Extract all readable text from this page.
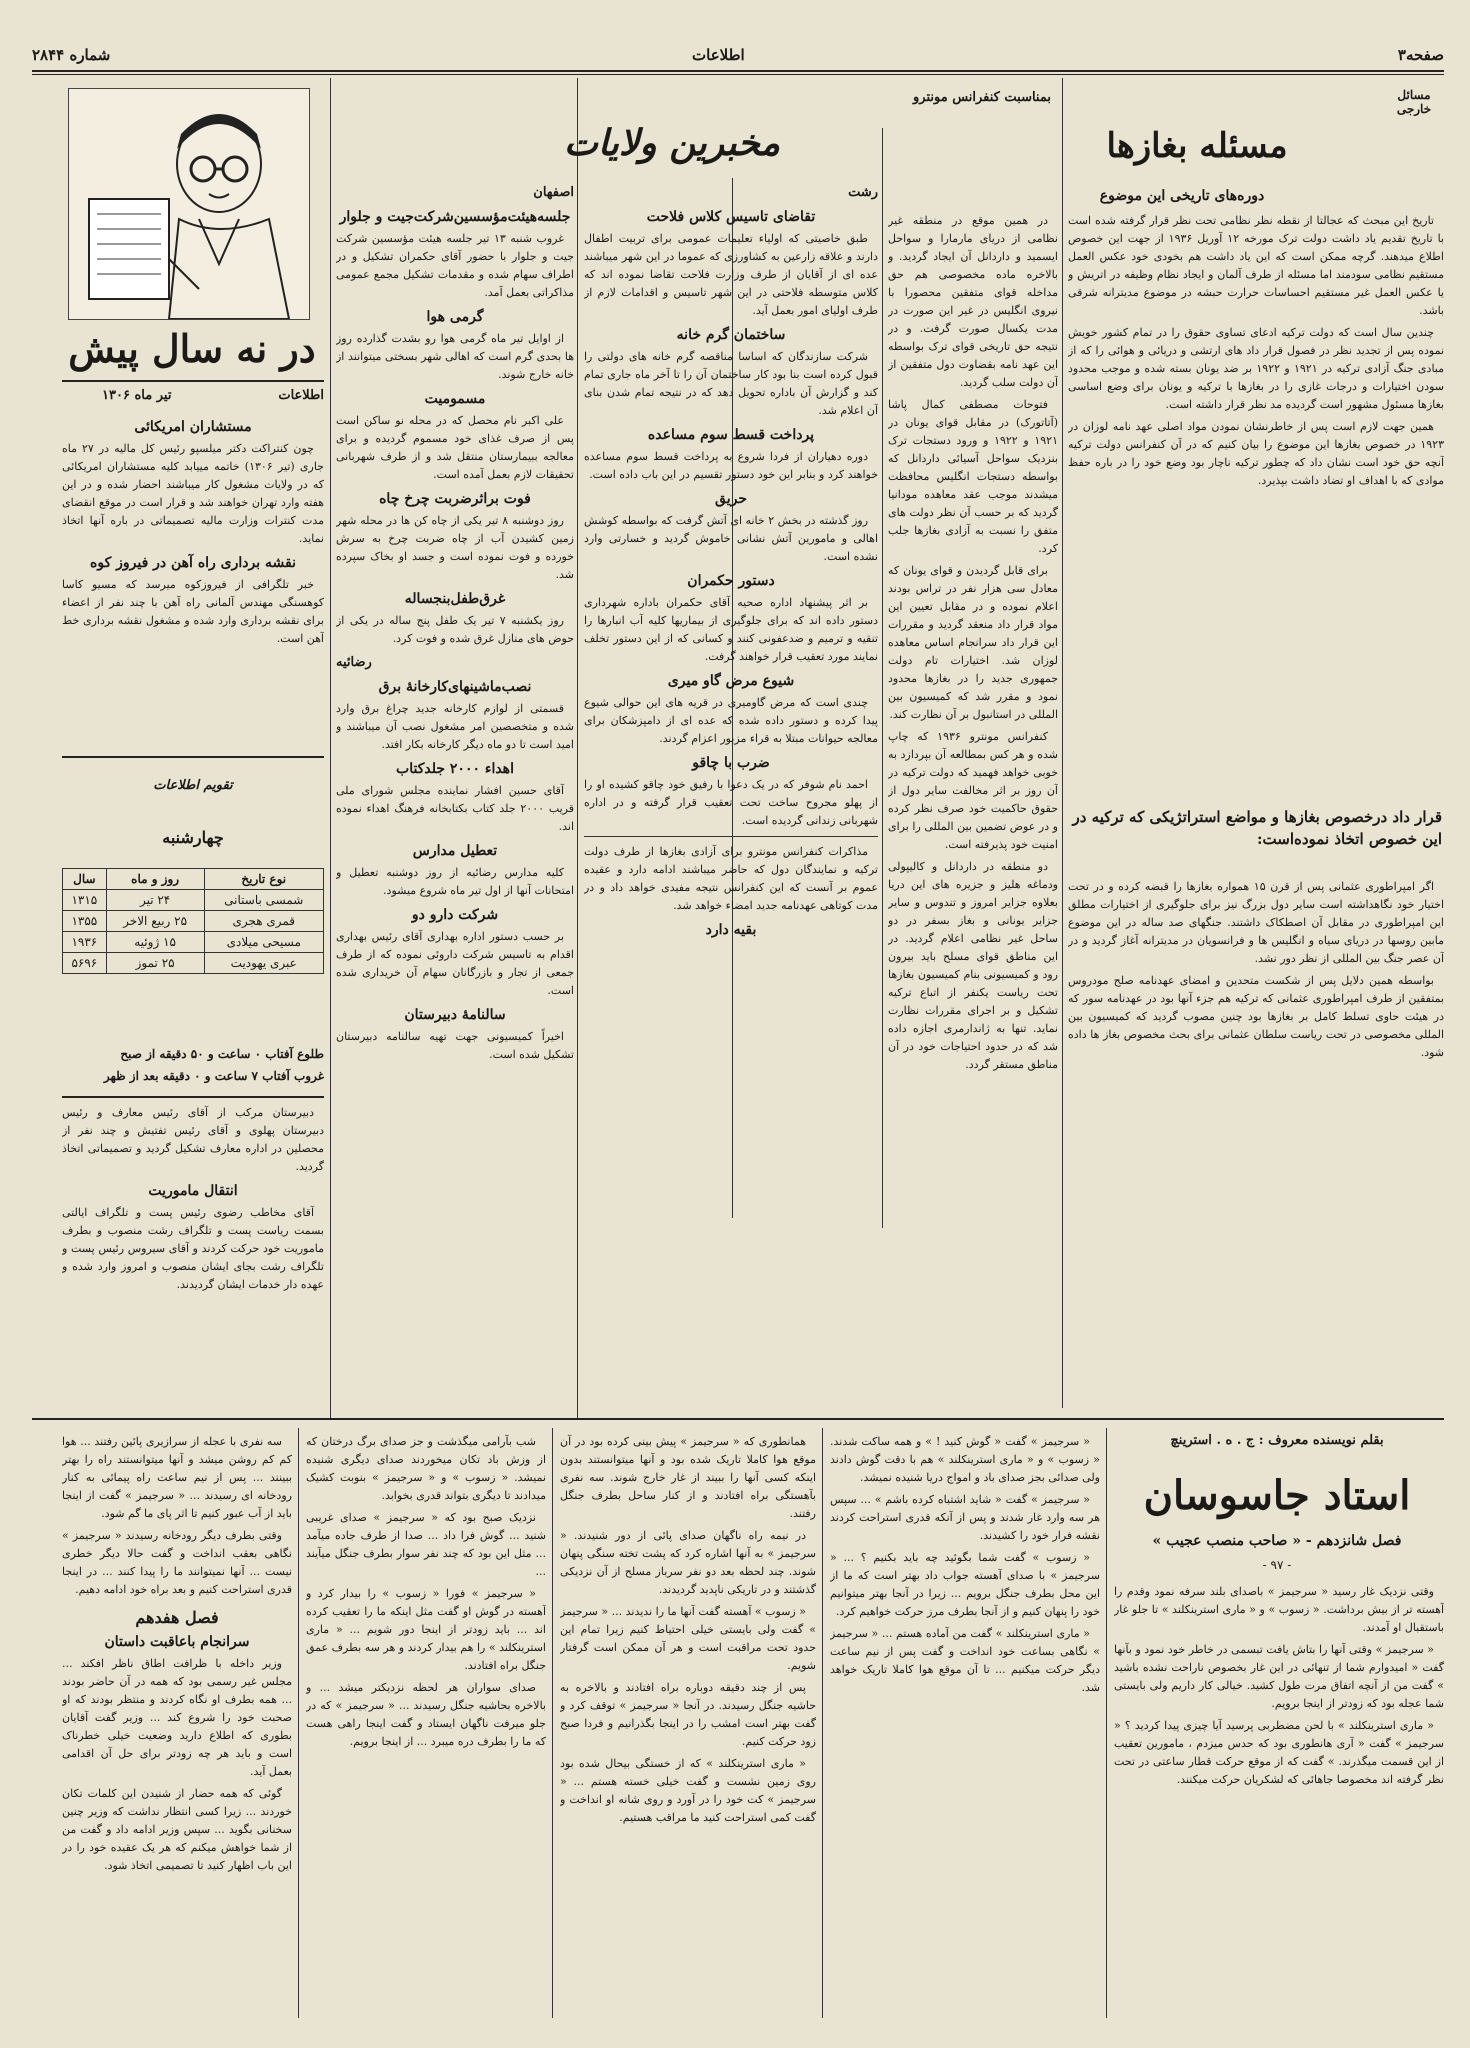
شماره ۲۸۴۴	اطلاعات	صفحه۳
مسائل خارجی
مسئله بغازها
بمناسبت کنفرانس مونترو
دوره‌های تاریخی این موضوع

تاریخ این مبحث که عجالتا از نقطه نظر نظامی تحت نظر قرار گرفته شده است با تاریخ تقدیم یاد داشت دولت ترک مورخه ۱۲ آوریل ۱۹۳۶ از جهت این خصوص اطلاع میدهند. گرچه ممکن است که این یاد داشت هم بخودی خود عکس العمل مستقیم نظامی سودمند اما مسئله از طرف آلمان و ایجاد نظام وظیفه در اتریش و یا عکس العمل غیر مستقیم احساسات حرارت حبشه در موضوع مدیترانه شرقی باشد.

چندین سال است که دولت ترکیه ادعای تساوی حقوق را در تمام کشور خویش نموده پس از تجدید نظر در فصول قرار داد های ارتشی و دریائی و هوائی را که از مبادی جنگ آزادی ترکیه در ۱۹۲۱ و ۱۹۲۲ بر ضد یونان بسته شده و موجب محدود سودن اختیارات و درجات غازی را در بغازها با ترکیه و یونان برای وضع اساسی بغازها مسئول مشهور است گردیده مد نظر قرار داشته است.

همین جهت لازم است پس از خاطرنشان نمودن مواد اصلی عهد نامه لوزان در ۱۹۲۳ در خصوص بغازها این موضوع را بیان کنیم که در آن کنفرانس دولت ترکیه آنچه حق خود است نشان داد که چطور ترکیه ناچار بود وضع خود را در باره حفظ موادی که با اهداف او تضاد داشت بپذیرد.

قرار داد درخصوص بغازها و مواضع استراتژیکی که ترکیه در این خصوص اتخاذ نموده‌است:

اگر امپراطوری عثمانی پس از قرن ۱۵ همواره بغازها را قبضه کرده و در تحت اختیار خود نگاهداشته است سایر دول بزرگ نیز برای جلوگیری از اختیارات مطلق این امپراطوری در مقابل آن اصطکاک داشتند. جنگهای صد ساله در این موضوع مابین روسها در دریای سیاه و انگلیس ها و فرانسویان در مدیترانه آغاز گردید و در آن عصر جنگ بین المللی از نظر دور نشد.

بواسطه همین دلایل پس از شکست متحدین و امضای عهدنامه صلح مودروس بمتفقین از طرف امپراطوری عثمانی که ترکیه هم جزء آنها بود در عهدنامه سور که در هیئت حاوی تسلط کامل بر بغازها بود چنین مصوب گردید که کمیسیون بین المللی مخصوصی در تحت ریاست سلطان عثمانی برای بحث مخصوص بغاز ها داده شود.

در همین موقع در منطقه غیر نظامی از دریای مارمارا و سواحل ایسمید و داردانل آن ایجاد گردید. و بالاخره ماده مخصوصی هم حق مداخله قوای متفقین محصورا با نیروی انگلیس در غیر این صورت در مدت یکسال صورت گرفت. و در نتیجه حق تاریخی قوای ترک بواسطه این عهد نامه بقضاوت دول متفقین از آن دولت سلب گردید.

فتوحات مصطفی کمال پاشا (آتاتورک) در مقابل قوای یونان در ۱۹۲۱ و ۱۹۲۲ و ورود دستجات ترک بنزدیک سواحل آسیائی داردانل که بواسطه دستجات انگلیس محافظت میشدند موجب عقد معاهده مودانیا گردید که بر حسب آن نظر دولت های متفق را نسبت به آزادی بغازها جلب کرد.

برای قابل گردیدن و قوای یونان که معادل سی هزار نفر در تراس بودند اعلام نموده و در مقابل تعیین این مواد قرار داد منعقد گردید و مقررات این قرار داد سرانجام اساس معاهده لوزان شد. اختیارات تام دولت جمهوری جدید را در بغازها محدود نمود و مقرر شد که کمیسیون بین المللی در استانبول بر آن نظارت کند.

کنفرانس مونترو ۱۹۳۶ که چاپ شده و هر کس بمطالعه آن بپردازد به خوبی خواهد فهمید که دولت ترکیه در آن روز بر اثر مخالفت سایر دول از حقوق حاکمیت خود صرف نظر کرده و در عوض تضمین بین المللی را برای امنیت خود پذیرفته است.

دو منطقه در داردانل و کالیپولی ودماغه هلیز و جزیره های این دریا بعلاوه جزایر امروز و تندوس و سایر جزایر یونانی و بغاز بسفر در دو ساحل غیر نظامی اعلام گردید. در این مناطق قوای مسلح باید بیرون رود و کمیسیونی بنام کمیسیون بغازها تحت ریاست یکنفر از اتباع ترکیه تشکیل و بر اجرای مقررات نظارت نماید. تنها به ژاندارمری اجازه داده شد که در حدود احتیاجات خود در آن مناطق مستقر گردد.

مخبرین ولایات
رشت
تقاضای تاسیس کلاس فلاحت

طبق خاصیتی که اولیاء تعلیمات عمومی برای تربیت اطفال دارند و علاقه زارعین به کشاورزی که عموما در این شهر میباشند عده ای از آقایان از طرف وزارت فلاحت تقاضا نموده اند که کلاس متوسطه فلاحتی در این شهر تاسیس و اقدامات لازم از طرف اولیای امور بعمل آید.

ساختمان گرم خانه

شرکت سازندگان که اساسا مناقصه گرم خانه های دولتی را قبول کرده است بنا بود کار ساختمان آن را تا آخر ماه جاری تمام کند و گزارش آن باداره تحویل دهد که در نتیجه تمام شدن بنای آن اعلام شد.

پرداخت قسط سوم مساعده

دوره دهیاران از فردا شروع به پرداخت قسط سوم مساعده خواهند کرد و بنابر این خود دستور تقسیم در این باب داده است.

حریق

روز گذشته در بخش ۲ خانه ای آتش گرفت که بواسطه کوشش اهالی و مامورین آتش نشانی خاموش گردید و خسارتی وارد نشده است.

دستور حکمران

بر اثر پیشنهاد اداره صحیه آقای حکمران باداره شهرداری دستور داده اند که برای جلوگیری از بیماریها کلیه آب انبارها را تنقیه و ترمیم و ضدعفونی کنند و کسانی که از این دستور تخلف نمایند مورد تعقیب قرار خواهند گرفت.

شیوع مرض گاو میری

چندی است که مرض گاومیری در قریه های این حوالی شیوع پیدا کرده و دستور داده شده که عده ای از دامپزشکان برای معالجه حیوانات مبتلا به قراء مزبور اعزام گردند.

ضرب با چاقو

احمد نام شوفر که در یک دعوا با رفیق خود چاقو کشیده او را از پهلو مجروح ساخت تحت تعقیب قرار گرفته و در اداره شهربانی زندانی گردیده است.

مذاکرات کنفرانس مونترو برای آزادی بغازها از طرف دولت ترکیه و نمایندگان دول که حاضر میباشند ادامه دارد و عقیده عموم بر آنست که این کنفرانس نتیجه مفیدی خواهد داد و در مدت کوتاهی عهدنامه جدید امضاء خواهد شد.

بقیه دارد
اصفهان
جلسه‌هیئت‌مؤسسین‌شرکت‌جیت و جلوار

غروب شنبه ۱۳ تیر جلسه هیئت مؤسسین شرکت جیت و جلوار با حضور آقای حکمران تشکیل و در اطراف سهام شده و مقدمات تشکیل مجمع عمومی مذاکراتی بعمل آمد.

گرمی هوا

از اوایل تیر ماه گرمی هوا رو بشدت گذارده روز ها بحدی گرم است که اهالی شهر بسختی میتوانند از خانه خارج شوند.

مسمومیت

علی اکبر نام محصل که در محله نو ساکن است پس از صرف غذای خود مسموم گردیده و برای معالجه ببیمارستان منتقل شد و از طرف شهربانی تحقیقات لازم بعمل آمده است.

فوت براثرضربت چرخ چاه

روز دوشنبه ۸ تیر یکی از چاه کن ها در محله شهر زمین کشیدن آب از چاه ضربت چرخ به سرش خورده و فوت نموده است و جسد او بخاک سپرده شد.

غرق‌طفل‌بنجساله

روز یکشنبه ۷ تیر یک طفل پنج ساله در یکی از حوض های منازل غرق شده و فوت کرد.

رضائیه
نصب‌ماشینهای‌کارخانهٔ برق

قسمتی از لوازم کارخانه جدید چراغ برق وارد شده و متخصصین امر مشغول نصب آن میباشند و امید است تا دو ماه دیگر کارخانه بکار افتد.

اهداء ۲۰۰۰ جلدکتاب

آقای حسین افشار نماینده مجلس شورای ملی قریب ۲۰۰۰ جلد کتاب بکتابخانه فرهنگ اهداء نموده اند.

تعطیل مدارس

کلیه مدارس رضائیه از روز دوشنبه تعطیل و امتحانات آنها از اول تیر ماه شروع میشود.

شرکت دارو دو

بر حسب دستور اداره بهداری آقای رئیس بهداری اقدام به تاسیس شرکت داروئی نموده که از طرف جمعی از تجار و بازرگانان سهام آن خریداری شده است.

سالنامهٔ دبیرستان

اخیراً کمیسیونی جهت تهیه سالنامه دبیرستان تشکیل شده است.

در نه سال پیش
اطلاعات
تیر ماه ۱۳۰۶
مستشاران امریکائی

چون کنتراکت دکتر میلسپو رئیس کل مالیه در ۲۷ ماه جاری (تیر ۱۳۰۶) خاتمه مییابد کلیه مستشاران امریکائی که در ولایات مشغول کار میباشند احضار شده و در این هفته وارد تهران خواهند شد و قرار است در موقع انقضای مدت کنترات وزارت مالیه تصمیماتی در باره آنها اتخاذ نماید.

نقشه برداری راه آهن در فیروز کوه

خبر تلگرافی از فیروزکوه میرسد که مسیو کاسا کوهسنگی مهندس آلمانی راه آهن با چند نفر از اعضاء برای نقشه برداری وارد شده و مشغول نقشه برداری خط آهن است.

تقویم اطلاعات
چهارشنبه
نوع تاریخ	روز و ماه	سال
شمسی باستانی	۲۴ تیر	۱۳۱۵
قمری هجری	۲۵ ربیع الاخر	۱۳۵۵
مسیحی میلادی	۱۵ ژوئیه	۱۹۳۶
عبری یهودیت	۲۵ تموز	۵۶۹۶
طلوع آفتاب ۰ ساعت و ۵۰ دقیقه از صبح
غروب آفتاب ۷ ساعت و ۰ دقیقه بعد از ظهر

دبیرستان مرکب از آقای رئیس معارف و رئیس دبیرستان پهلوی و آقای رئیس تفتیش و چند نفر از محصلین در اداره معارف تشکیل گردید و تصمیماتی اتخاذ گردید.

انتقال ماموریت

آقای مخاطب رضوی رئیس پست و تلگراف ایالتی بسمت ریاست پست و تلگراف رشت منصوب و بطرف ماموریت خود حرکت کردند و آقای سیروس رئیس پست و تلگراف رشت بجای ایشان منصوب و امروز وارد شده و عهده دار خدمات ایشان گردیدند.

بقلم نویسنده معروف : ج . ه . استرینچ
استاد جاسوسان
فصل شانزدهم - « صاحب منصب عجیب »
- ۹۷ -

وقتی نزدیک غار رسید « سرجیمز » باصدای بلند سرفه نمود وقدم را آهسته تر از بیش برداشت. « زسوب » و « ماری استرینکلند » تا جلو غار باستقبال او آمدند.

« سرجیمز » وقتی آنها را بتاش یافت تبسمی در خاطر خود نمود و بآنها گفت « امیدوارم شما از تنهائی در این غار بخصوص ناراحت نشده باشید » گفت من از آنچه اتفاق مرت طول کشید. خیالی کار داریم ولی بایستی شما عجله بود که زودتر از اینجا برویم.

« ماری استرینکلند » با لحن مضطربی پرسید آیا چیزی پیدا کردید ؟ « سرجیمز » گفت « آری هانطوری بود که حدس میزدم ، مامورین تعقیب از این قسمت میگذرند. » گفت که از موقع حرکت قطار ساعتی در تحت نظر گرفته اند مخصوصا جاهائی که لشکریان حرکت میکنند.

« سرجیمز » گفت « گوش کنید ! » و همه ساکت شدند. « زسوب » و « ماری استرینکلند » هم با دقت گوش دادند ولی صدائی بجز صدای باد و امواج دریا شنیده نمیشد.

« سرجیمز » گفت « شاید اشتباه کرده باشم » ... سپس هر سه وارد غار شدند و پس از آنکه قدری استراحت کردند نقشه فرار خود را کشیدند.

« زسوب » گفت شما بگوئید چه باید بکنیم ؟ ... « سرجیمز » با صدای آهسته جواب داد بهتر است که ما از این محل بطرف جنگل برویم ... زیرا در آنجا بهتر میتوانیم خود را پنهان کنیم و از آنجا بطرف مرز حرکت خواهیم کرد.

« ماری استرینکلند » گفت من آماده هستم ... « سرجیمز » نگاهی بساعت خود انداخت و گفت پس از نیم ساعت دیگر حرکت میکنیم ... تا آن موقع هوا کاملا تاریک خواهد شد.

همانطوری که « سرجیمز » پیش بینی کرده بود در آن موقع هوا کاملا تاریک شده بود و آنها میتوانستند بدون اینکه کسی آنها را ببیند از غار خارج شوند. سه نفری بآهستگی براه افتادند و از کنار ساحل بطرف جنگل رفتند.

در نیمه راه ناگهان صدای پائی از دور شنیدند. « سرجیمز » به آنها اشاره کرد که پشت تخته سنگی پنهان شوند. چند لحظه بعد دو نفر سرباز مسلح از آن نزدیکی گذشتند و در تاریکی ناپدید گردیدند.

« زسوب » آهسته گفت آنها ما را ندیدند ... « سرجیمز » گفت ولی بایستی خیلی احتیاط کنیم زیرا تمام این حدود تحت مراقبت است و هر آن ممکن است گرفتار شویم.

پس از چند دقیقه دوباره براه افتادند و بالاخره به حاشیه جنگل رسیدند. در آنجا « سرجیمز » توقف کرد و گفت بهتر است امشب را در اینجا بگذرانیم و فردا صبح زود حرکت کنیم.

« ماری استرینکلند » که از خستگی بیحال شده بود روی زمین نشست و گفت خیلی خسته هستم ... « سرجیمز » کت خود را در آورد و روی شانه او انداخت و گفت کمی استراحت کنید ما مراقب هستیم.

شب بآرامی میگذشت و جز صدای برگ درختان که از وزش باد تکان میخوردند صدای دیگری شنیده نمیشد. « زسوب » و « سرجیمز » بنوبت کشیک میدادند تا دیگری بتواند قدری بخوابد.

نزدیک صبح بود که « سرجیمز » صدای غریبی شنید ... گوش فرا داد ... صدا از طرف جاده میآمد ... مثل این بود که چند نفر سوار بطرف جنگل میآیند ...

« سرجیمز » فورا « زسوب » را بیدار کرد و آهسته در گوش او گفت مثل اینکه ما را تعقیب کرده اند ... باید زودتر از اینجا دور شویم ... « ماری استرینکلند » را هم بیدار کردند و هر سه بطرف عمق جنگل براه افتادند.

صدای سواران هر لحظه نزدیکتر میشد ... و بالاخره بحاشیه جنگل رسیدند ... « سرجیمز » که در جلو میرفت ناگهان ایستاد و گفت اینجا راهی هست که ما را بطرف دره میبرد ... از اینجا برویم.

سه نفری با عجله از سرازیری پائین رفتند ... هوا کم کم روشن میشد و آنها میتوانستند راه را بهتر ببینند ... پس از نیم ساعت راه پیمائی به کنار رودخانه ای رسیدند ... « سرجیمز » گفت از اینجا باید از آب عبور کنیم تا اثر پای ما گم شود.

وقتی بطرف دیگر رودخانه رسیدند « سرجیمز » نگاهی بعقب انداخت و گفت حالا دیگر خطری نیست ... آنها نمیتوانند ما را پیدا کنند ... در اینجا قدری استراحت کنیم و بعد براه خود ادامه دهیم.

فصل هفدهم
سرانجام باعاقبت داستان

وزیر داخله با ظرافت اطاق ناظر افکند ... مجلس غیر رسمی بود که همه در آن حاضر بودند ... همه بطرف او نگاه کردند و منتظر بودند که او صحبت خود را شروع کند ... وزیر گفت آقایان بطوری که اطلاع دارید وضعیت خیلی خطرناک است و باید هر چه زودتر برای حل آن اقدامی بعمل آید.

گوئی که همه حضار از شنیدن این کلمات تکان خوردند ... زیرا کسی انتظار نداشت که وزیر چنین سخنانی بگوید ... سپس وزیر ادامه داد و گفت من از شما خواهش میکنم که هر یک عقیده خود را در این باب اظهار کنید تا تصمیمی اتخاذ شود.
